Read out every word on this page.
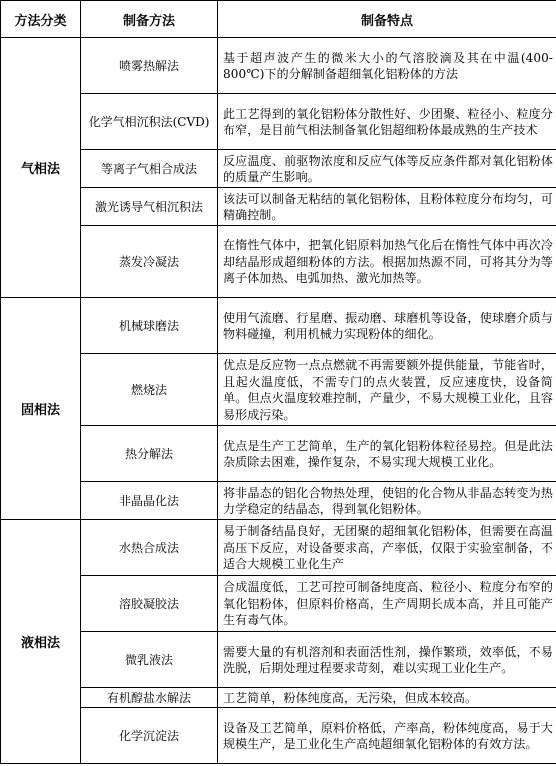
方法分类	制备方法	制备特点
气相法	喷雾热解法	基于超声波产生的微米大小的气溶胶滴及其在中温(400-800℃)下的分解制备超细氧化铝粉体的方法
	化学气相沉积法(CVD)	此工艺得到的氧化铝粉体分散性好、少团聚、粒径小、粒度分布窄，是目前气相法制备氧化铝超细粉体最成熟的生产技术
	等离子气相合成法	反应温度、前驱物浓度和反应气体等反应条件都对氧化铝粉体的质量产生影响。
	激光诱导气相沉积法	该法可以制备无粘结的氧化铝粉体，且粉体粒度分布均匀，可精确控制。
	蒸发冷凝法	在惰性气体中，把氧化铝原料加热气化后在惰性气体中再次冷却结晶形成超细粉体的方法。根据加热源不同，可将其分为等离子体加热、电弧加热、激光加热等。
固相法	机械球磨法	使用气流磨、行星磨、振动磨、球磨机等设备，使球磨介质与物料碰撞，利用机械力实现粉体的细化。
	燃烧法	优点是反应物一点点燃就不再需要额外提供能量，节能省时，且起火温度低，不需专门的点火装置，反应速度快，设备简单。但点火温度较难控制，产量少，不易大规模工业化，且容易形成污染。
	热分解法	优点是生产工艺简单，生产的氧化铝粉体粒径易控。但是此法杂质除去困难，操作复杂，不易实现大规模工业化。
	非晶晶化法	将非晶态的铝化合物热处理，使铝的化合物从非晶态转变为热力学稳定的结晶态，得到氧化铝粉体。
液相法	水热合成法	易于制备结晶良好，无团聚的超细氧化铝粉体，但需要在高温高压下反应，对设备要求高，产率低，仅限于实验室制备，不适合大规模工业化生产
	溶胶凝胶法	合成温度低，工艺可控可制备纯度高、粒径小、粒度分布窄的氧化铝粉体，但原料价格高，生产周期长成本高，并且可能产生有毒气体。
	微乳液法	需要大量的有机溶剂和表面活性剂，操作繁琐，效率低，不易洗脱，后期处理过程要求苛刻，难以实现工业化生产。
	有机醇盐水解法	工艺简单，粉体纯度高，无污染，但成本较高。
	化学沉淀法	设备及工艺简单，原料价格低，产率高，粉体纯度高，易于大规模生产，是工业化生产高纯超细氧化铝粉体的有效方法。
